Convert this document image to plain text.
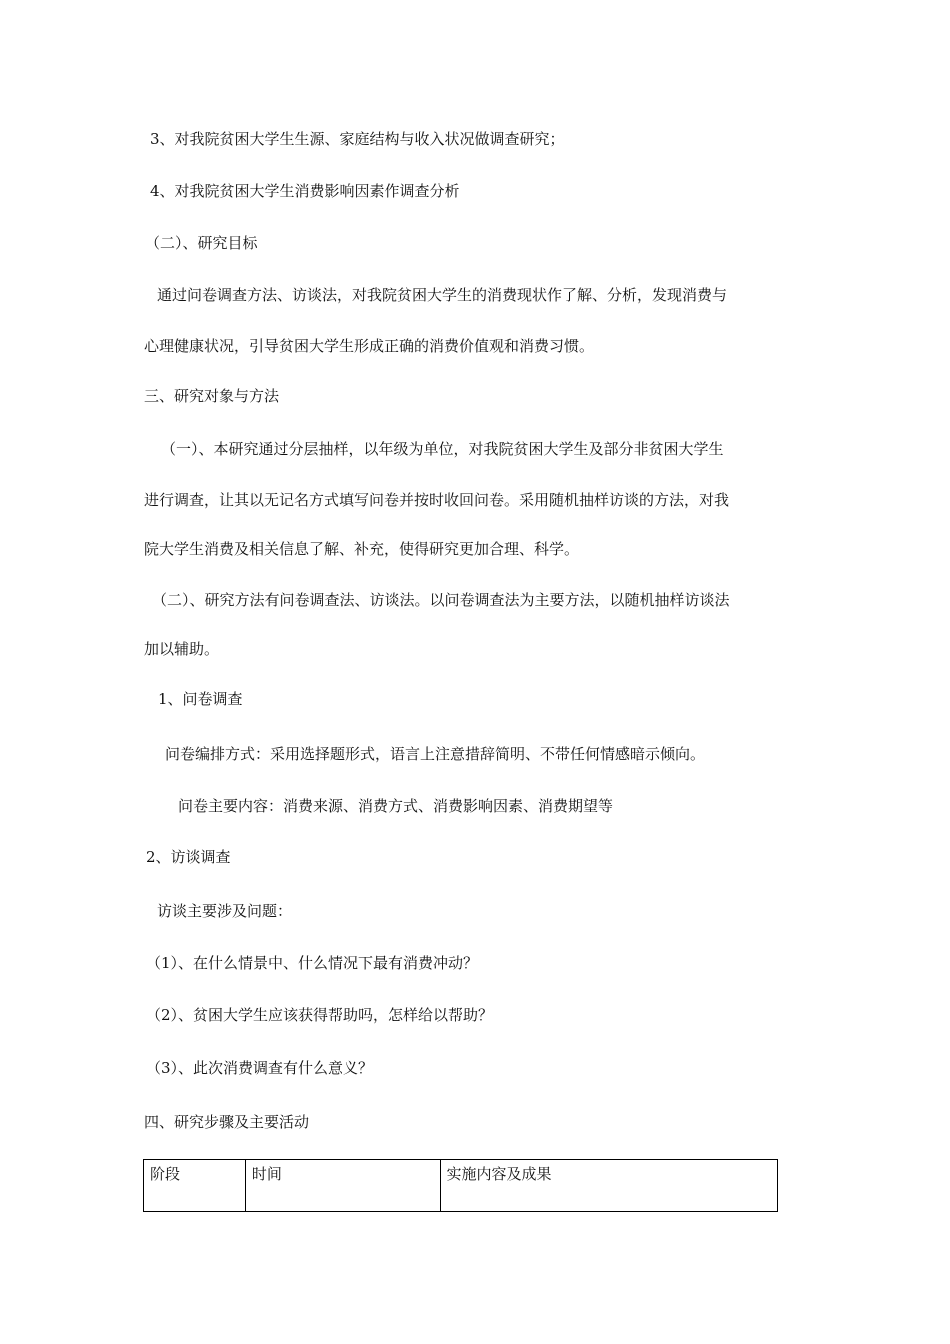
3、对我院贫困大学生生源、家庭结构与收入状况做调查研究；
4、对我院贫困大学生消费影响因素作调查分析
（二）、研究目标
通过问卷调查方法、访谈法，对我院贫困大学生的消费现状作了解、分析，发现消费与
心理健康状况，引导贫困大学生形成正确的消费价值观和消费习惯。
三、研究对象与方法
（一）、本研究通过分层抽样，以年级为单位，对我院贫困大学生及部分非贫困大学生
进行调查，让其以无记名方式填写问卷并按时收回问卷。采用随机抽样访谈的方法，对我
院大学生消费及相关信息了解、补充，使得研究更加合理、科学。
（二）、研究方法有问卷调查法、访谈法。以问卷调查法为主要方法，以随机抽样访谈法
加以辅助。
1、问卷调查
问卷编排方式：采用选择题形式，语言上注意措辞简明、不带任何情感暗示倾向。
问卷主要内容：消费来源、消费方式、消费影响因素、消费期望等
2、访谈调查
访谈主要涉及问题：
（1）、在什么情景中、什么情况下最有消费冲动？
（2）、贫困大学生应该获得帮助吗，怎样给以帮助？
（3）、此次消费调查有什么意义？
四、研究步骤及主要活动
阶段	时间	实施内容及成果
